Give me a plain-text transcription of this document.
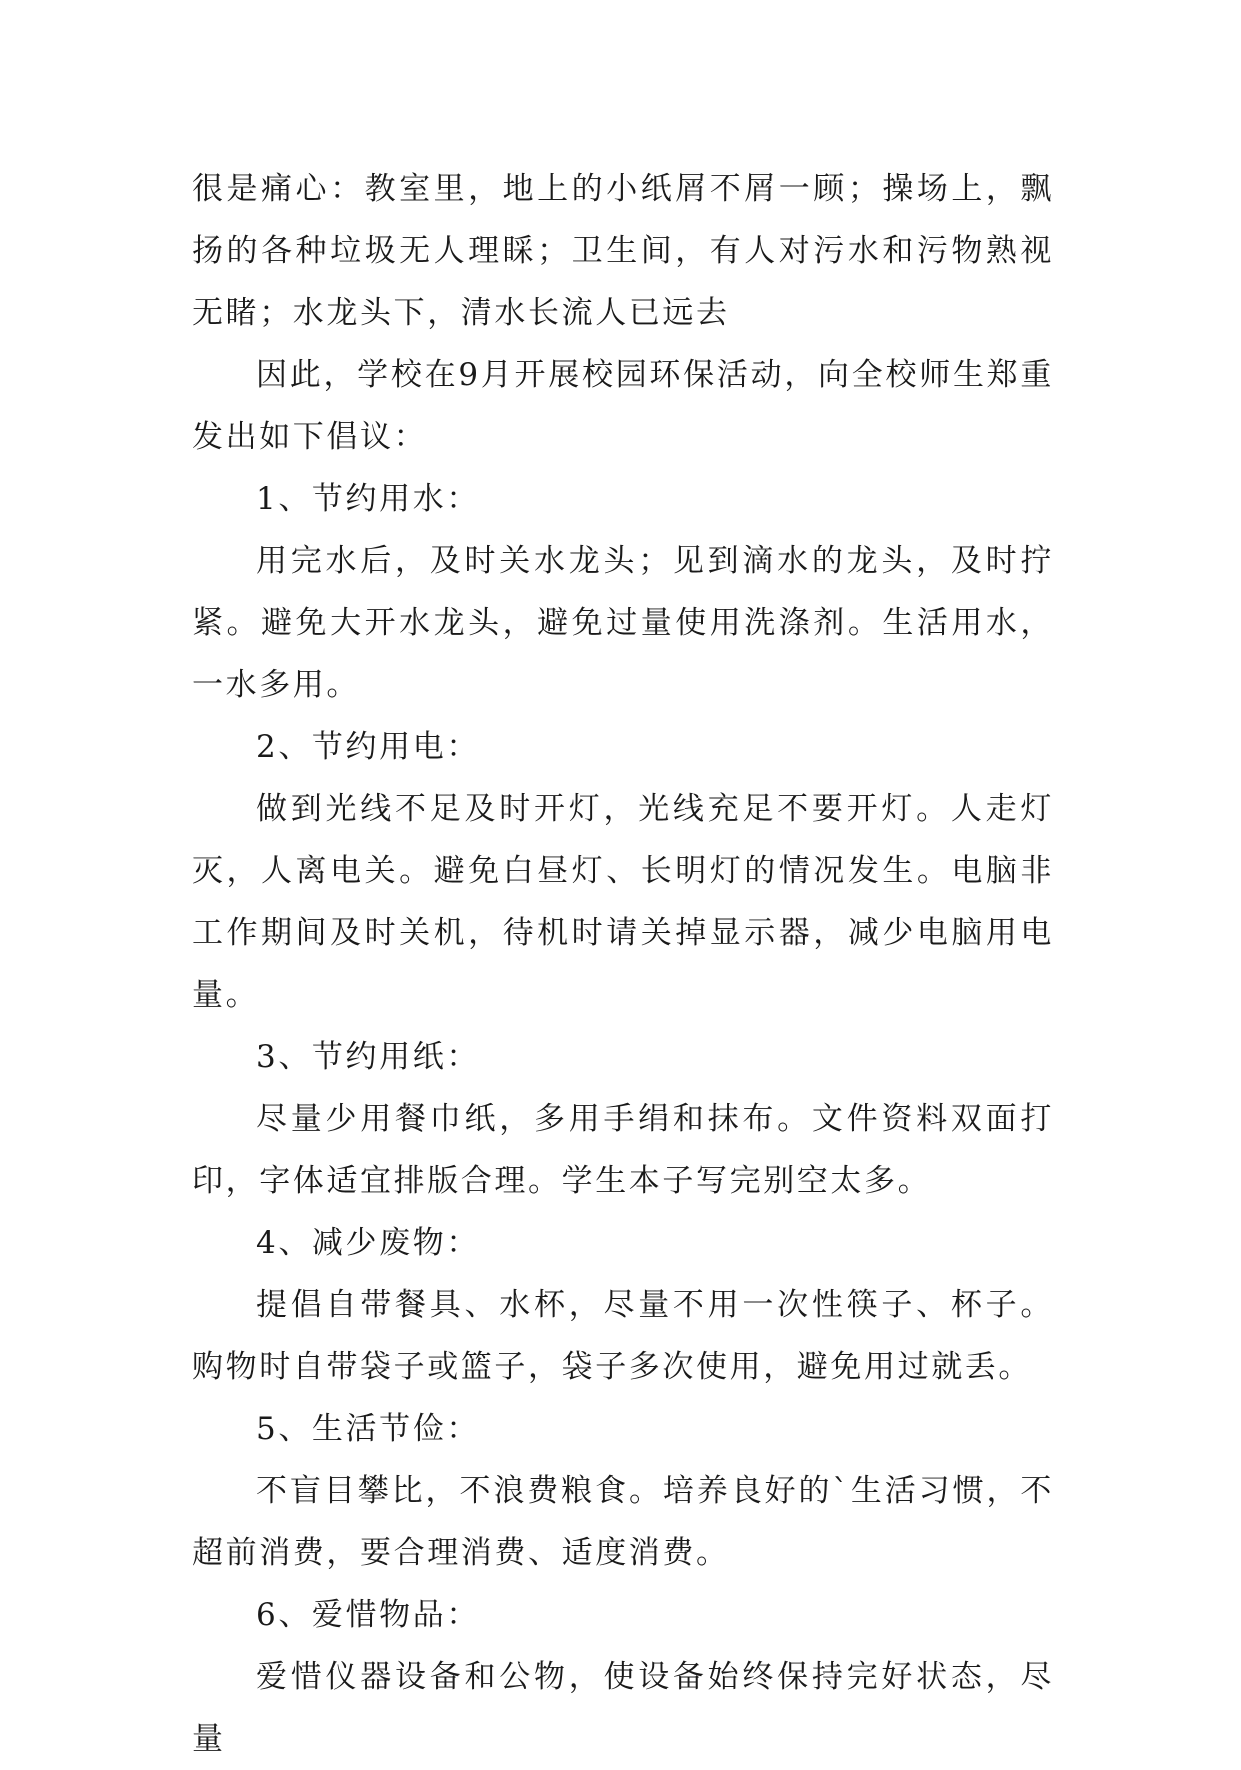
很是痛心：教室里，地上的小纸屑不屑一顾；操场上，飘扬的各种垃圾无人理睬；卫生间，有人对污水和污物熟视无睹；水龙头下，清水长流人已远去

因此，学校在9月开展校园环保活动，向全校师生郑重发出如下倡议：

1、节约用水：

用完水后，及时关水龙头；见到滴水的龙头，及时拧紧。避免大开水龙头，避免过量使用洗涤剂。生活用水，一水多用。

2、节约用电：

做到光线不足及时开灯，光线充足不要开灯。人走灯灭，人离电关。避免白昼灯、长明灯的情况发生。电脑非工作期间及时关机，待机时请关掉显示器，减少电脑用电量。

3、节约用纸：

尽量少用餐巾纸，多用手绢和抹布。文件资料双面打印，字体适宜排版合理。学生本子写完别空太多。

4、减少废物：

提倡自带餐具、水杯，尽量不用一次性筷子、杯子。购物时自带袋子或篮子，袋子多次使用，避免用过就丢。

5、生活节俭：

不盲目攀比，不浪费粮食。培养良好的`生活习惯，不超前消费，要合理消费、适度消费。

6、爱惜物品：

爱惜仪器设备和公物，使设备始终保持完好状态，尽量
